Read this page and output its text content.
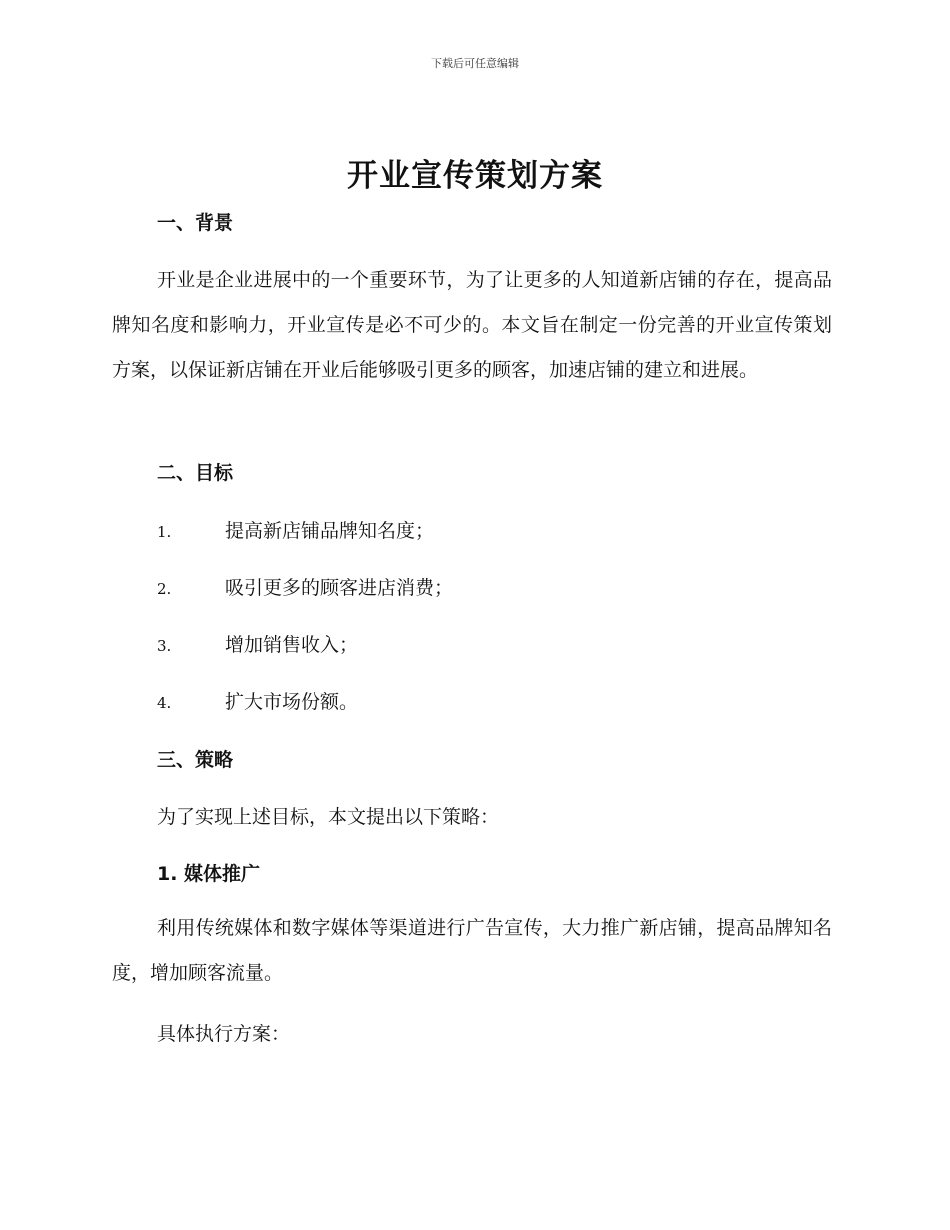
下载后可任意编辑
开业宣传策划方案
一、背景
开业是企业进展中的一个重要环节，为了让更多的人知道新店铺的存在，提高品牌知名度和影响力，开业宣传是必不可少的。本文旨在制定一份完善的开业宣传策划方案，以保证新店铺在开业后能够吸引更多的顾客，加速店铺的建立和进展。
二、目标
1.	提高新店铺品牌知名度；
2.	吸引更多的顾客进店消费；
3.	增加销售收入；
4.	扩大市场份额。
三、策略
为了实现上述目标，本文提出以下策略：
1. 媒体推广
利用传统媒体和数字媒体等渠道进行广告宣传，大力推广新店铺，提高品牌知名度，增加顾客流量。
具体执行方案：
